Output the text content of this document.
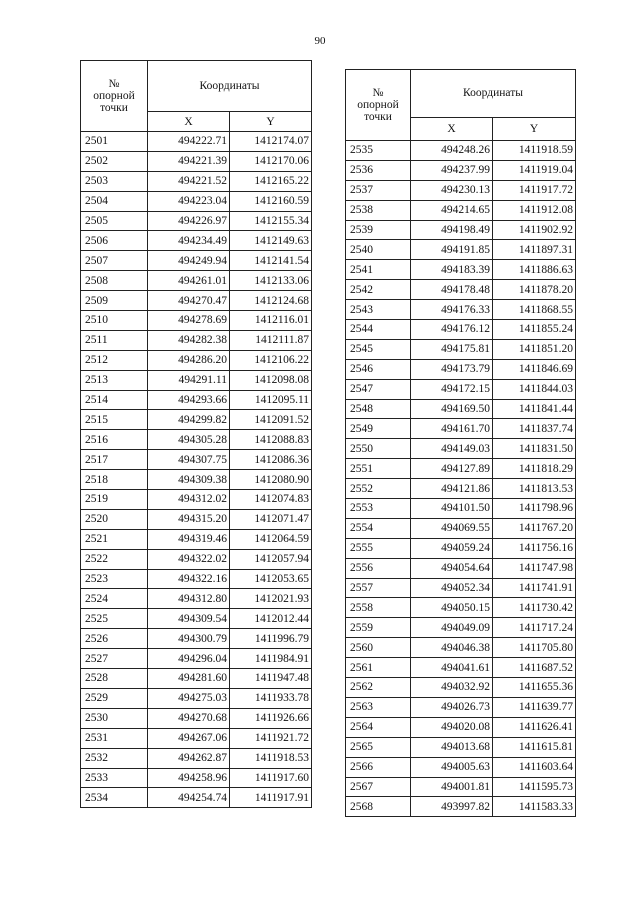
90
№
опорной
точки	Координаты	
	X	Y
2501	494222.71	1412174.07
2502	494221.39	1412170.06
2503	494221.52	1412165.22
2504	494223.04	1412160.59
2505	494226.97	1412155.34
2506	494234.49	1412149.63
2507	494249.94	1412141.54
2508	494261.01	1412133.06
2509	494270.47	1412124.68
2510	494278.69	1412116.01
2511	494282.38	1412111.87
2512	494286.20	1412106.22
2513	494291.11	1412098.08
2514	494293.66	1412095.11
2515	494299.82	1412091.52
2516	494305.28	1412088.83
2517	494307.75	1412086.36
2518	494309.38	1412080.90
2519	494312.02	1412074.83
2520	494315.20	1412071.47
2521	494319.46	1412064.59
2522	494322.02	1412057.94
2523	494322.16	1412053.65
2524	494312.80	1412021.93
2525	494309.54	1412012.44
2526	494300.79	1411996.79
2527	494296.04	1411984.91
2528	494281.60	1411947.48
2529	494275.03	1411933.78
2530	494270.68	1411926.66
2531	494267.06	1411921.72
2532	494262.87	1411918.53
2533	494258.96	1411917.60
2534	494254.74	1411917.91
№
опорной
точки	Координаты	
	X	Y
2535	494248.26	1411918.59
2536	494237.99	1411919.04
2537	494230.13	1411917.72
2538	494214.65	1411912.08
2539	494198.49	1411902.92
2540	494191.85	1411897.31
2541	494183.39	1411886.63
2542	494178.48	1411878.20
2543	494176.33	1411868.55
2544	494176.12	1411855.24
2545	494175.81	1411851.20
2546	494173.79	1411846.69
2547	494172.15	1411844.03
2548	494169.50	1411841.44
2549	494161.70	1411837.74
2550	494149.03	1411831.50
2551	494127.89	1411818.29
2552	494121.86	1411813.53
2553	494101.50	1411798.96
2554	494069.55	1411767.20
2555	494059.24	1411756.16
2556	494054.64	1411747.98
2557	494052.34	1411741.91
2558	494050.15	1411730.42
2559	494049.09	1411717.24
2560	494046.38	1411705.80
2561	494041.61	1411687.52
2562	494032.92	1411655.36
2563	494026.73	1411639.77
2564	494020.08	1411626.41
2565	494013.68	1411615.81
2566	494005.63	1411603.64
2567	494001.81	1411595.73
2568	493997.82	1411583.33
